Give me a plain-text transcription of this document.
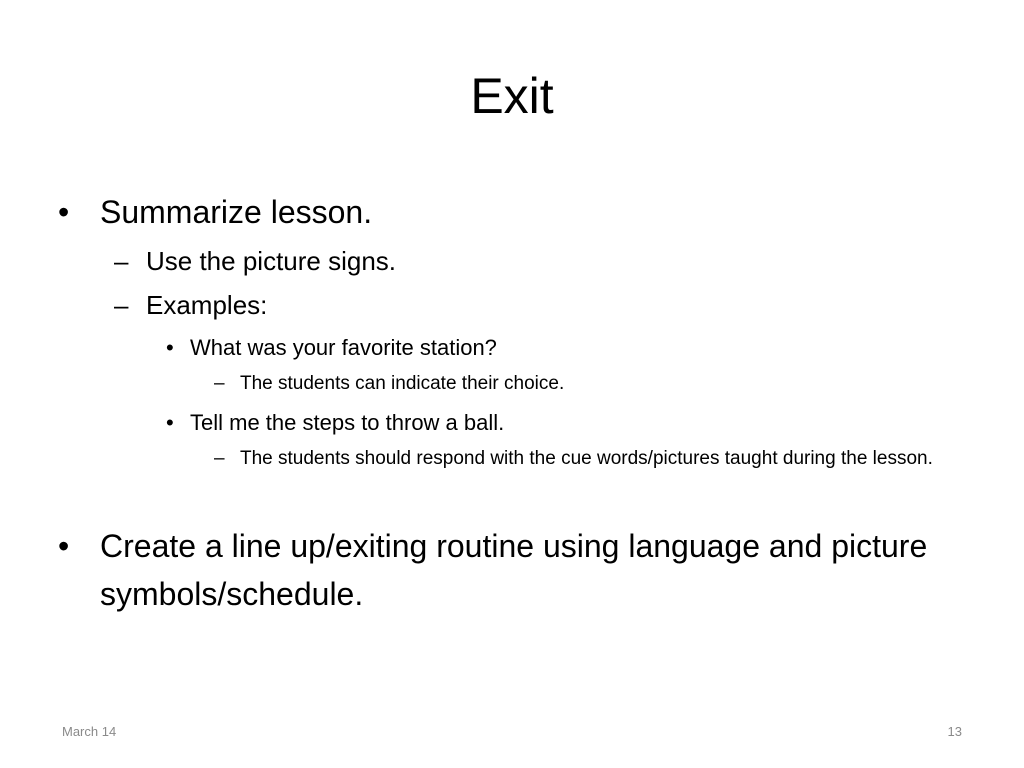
Exit
• Summarize lesson.
– Use the picture signs.
– Examples:
• What was your favorite station?
– The students can indicate their choice.
• Tell me the steps to throw a ball.
– The students should respond with the cue words/pictures taught during the lesson.
• Create a line up/exiting routine using language and picture symbols/schedule.
March 14	13
